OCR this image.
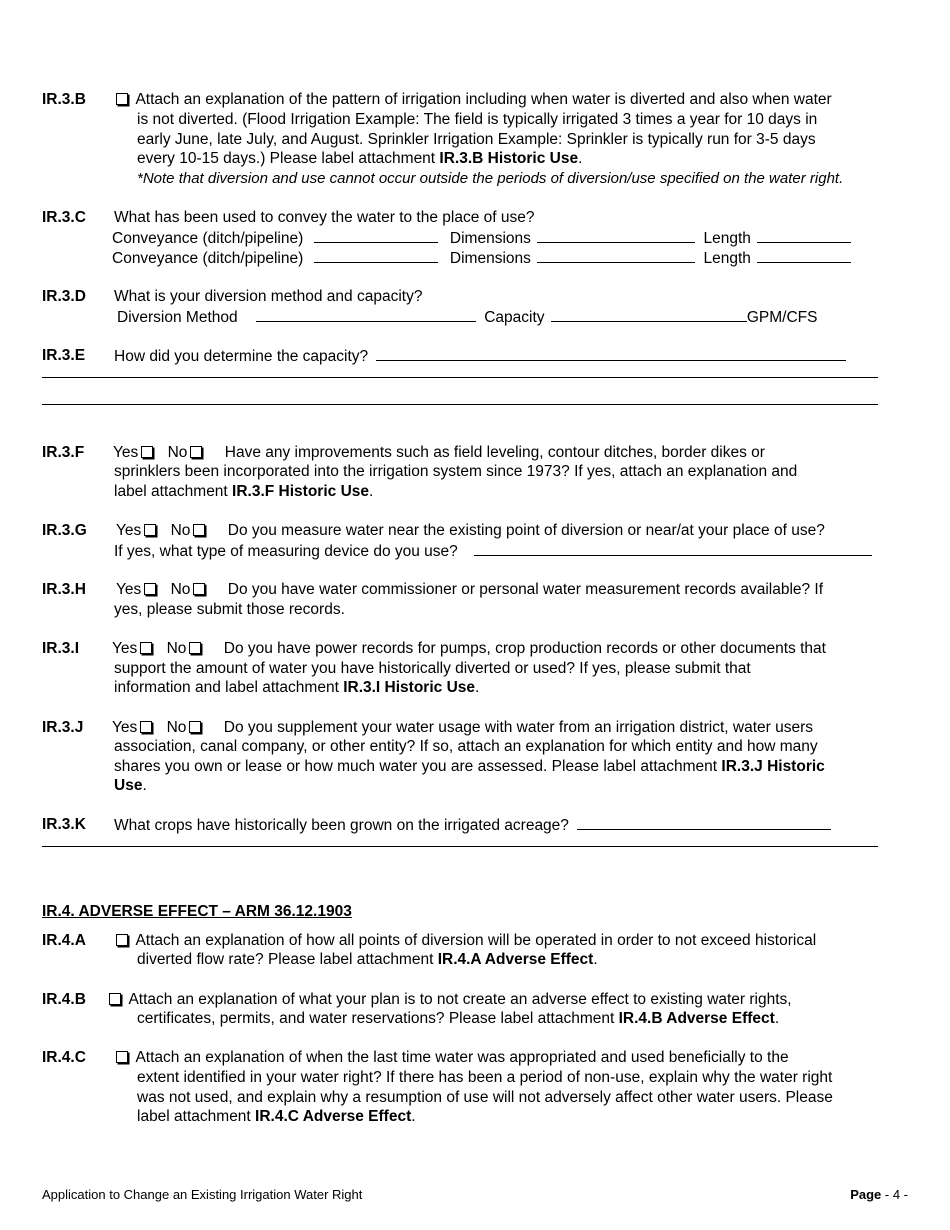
IR.3.B	Attach an explanation of the pattern of irrigation including when water is diverted and also when water
is not diverted. (Flood Irrigation Example: The field is typically irrigated 3 times a year for 10 days in
early June, late July, and August. Sprinkler Irrigation Example: Sprinkler is typically run for 3-5 days
every 10-15 days.) Please label attachment IR.3.B Historic Use.
*Note that diversion and use cannot occur outside the periods of diversion/use specified on the water right.
IR.3.C What has been used to convey the water to the place of use?
Conveyance (ditch/pipeline)	Dimensions	Length
Conveyance (ditch/pipeline)	Dimensions	Length
IR.3.D What is your diversion method and capacity?
Diversion Method	Capacity	GPM/CFS
IR.3.E How did you determine the capacity?
IR.3.F Yes No Have any improvements such as field leveling, contour ditches, border dikes or
sprinklers been incorporated into the irrigation system since 1973? If yes, attach an explanation and
label attachment IR.3.F Historic Use.
IR.3.G Yes No Do you measure water near the existing point of diversion or near/at your place of use?
If yes, what type of measuring device do you use?
IR.3.H Yes No Do you have water commissioner or personal water measurement records available? If
yes, please submit those records.
IR.3.I Yes No Do you have power records for pumps, crop production records or other documents that
support the amount of water you have historically diverted or used? If yes, please submit that
information and label attachment IR.3.I Historic Use.
IR.3.J Yes No Do you supplement your water usage with water from an irrigation district, water users
association, canal company, or other entity? If so, attach an explanation for which entity and how many
shares you own or lease or how much water you are assessed. Please label attachment IR.3.J Historic
Use.
IR.3.K What crops have historically been grown on the irrigated acreage?
IR.4. ADVERSE EFFECT – ARM 36.12.1903
IR.4.A	Attach an explanation of how all points of diversion will be operated in order to not exceed historical
diverted flow rate? Please label attachment IR.4.A Adverse Effect.
IR.4.B	Attach an explanation of what your plan is to not create an adverse effect to existing water rights,
certificates, permits, and water reservations? Please label attachment IR.4.B Adverse Effect.
IR.4.C	Attach an explanation of when the last time water was appropriated and used beneficially to the
extent identified in your water right? If there has been a period of non-use, explain why the water right
was not used, and explain why a resumption of use will not adversely affect other water users. Please
label attachment IR.4.C Adverse Effect.
Application to Change an Existing Irrigation Water Right	Page - 4 -
